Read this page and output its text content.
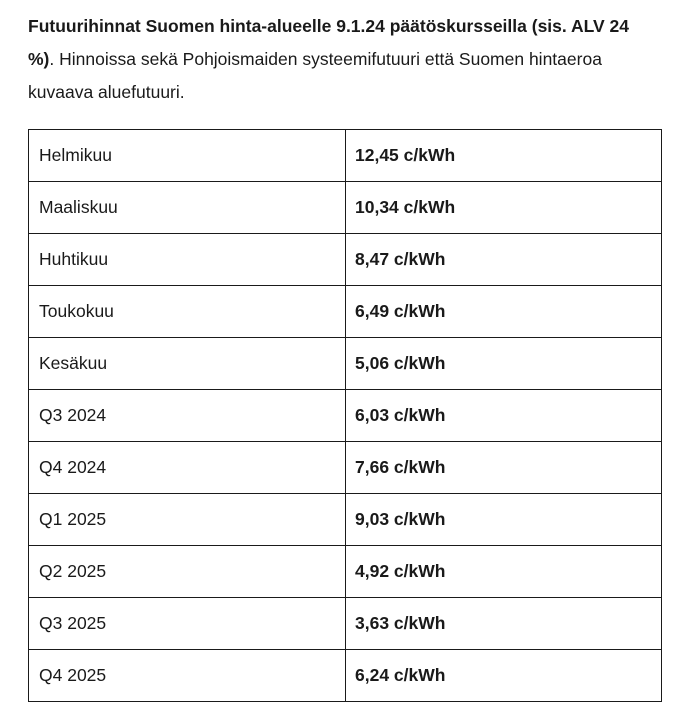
Futuurihinnat Suomen hinta-alueelle 9.1.24 päätöskursseilla (sis. ALV 24 %). Hinnoissa sekä Pohjoismaiden systeemifutuuri että Suomen hintaeroa kuvaava aluefutuuri.

Helmikuu	12,45 c/kWh
Maaliskuu	10,34 c/kWh
Huhtikuu	8,47 c/kWh
Toukokuu	6,49 c/kWh
Kesäkuu	5,06 c/kWh
Q3 2024	6,03 c/kWh
Q4 2024	7,66 c/kWh
Q1 2025	9,03 c/kWh
Q2 2025	4,92 c/kWh
Q3 2025	3,63 c/kWh
Q4 2025	6,24 c/kWh
